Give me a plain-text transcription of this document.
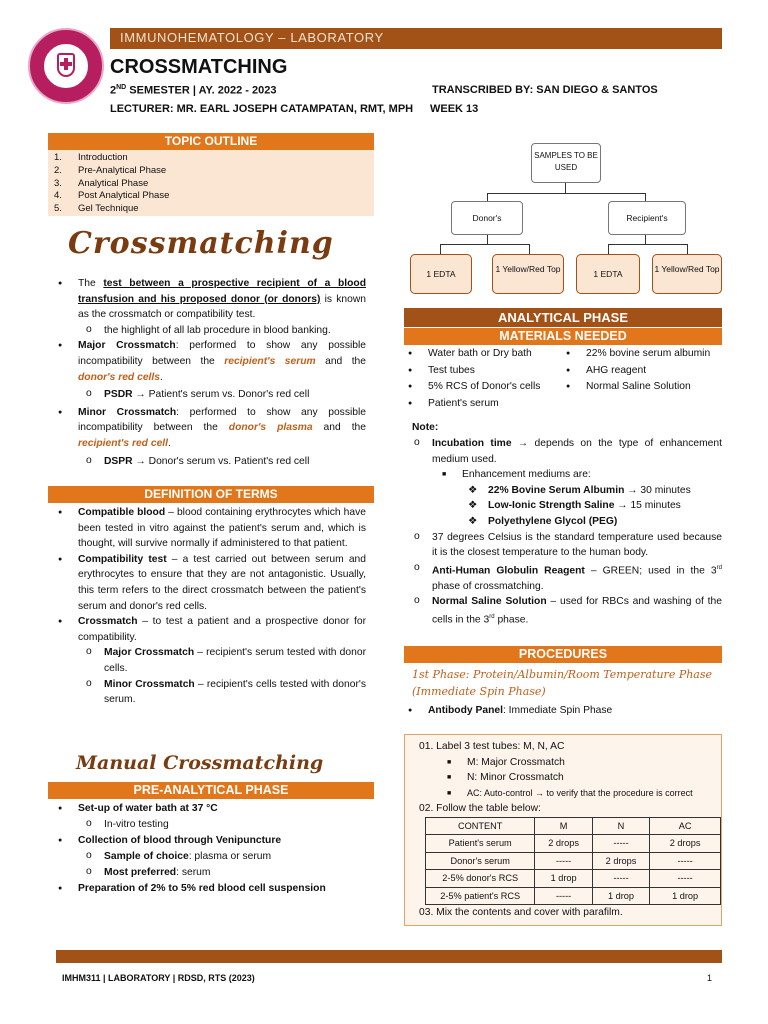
IMMUNOHEMATOLOGY – LABORATORY
CROSSMATCHING
2ND SEMESTER | AY. 2022 - 2023	TRANSCRIBED BY: SAN DIEGO & SANTOS
LECTURER: MR. EARL JOSEPH CATAMPATAN, RMT, MPH WEEK 13
TOPIC OUTLINE
1. Introduction
2. Pre-Analytical Phase
3. Analytical Phase
4. Post Analytical Phase
5. Gel Technique
Crossmatching
● The test between a prospective recipient of a blood transfusion and his proposed donor (or donors) is known as the crossmatch or compatibility test.
o the highlight of all lab procedure in blood banking.
● Major Crossmatch: performed to show any possible incompatibility between the recipient's serum and the donor's red cells.
o PSDR → Patient's serum vs. Donor's red cell
● Minor Crossmatch: performed to show any possible incompatibility between the donor's plasma and the recipient's red cell.
o DSPR → Donor's serum vs. Patient's red cell
DEFINITION OF TERMS
● Compatible blood – blood containing erythrocytes which have been tested in vitro against the patient's serum and, which is thought, will survive normally if administered to that patient.
● Compatibility test – a test carried out between serum and erythrocytes to ensure that they are not antagonistic. Usually, this term refers to the direct crossmatch between the patient's serum and donor's red cells.
● Crossmatch – to test a patient and a prospective donor for compatibility.
o Major Crossmatch – recipient's serum tested with donor cells.
o Minor Crossmatch – recipient's cells tested with donor's serum.
Manual Crossmatching
PRE-ANALYTICAL PHASE
● Set-up of water bath at 37 °C
o In-vitro testing
● Collection of blood through Venipuncture
o Sample of choice: plasma or serum
o Most preferred: serum
● Preparation of 2% to 5% red blood cell suspension
SAMPLES TO BE USED
Donor's	Recipient's
1 EDTA	1 Yellow/Red Top	1 EDTA	1 Yellow/Red Top
ANALYTICAL PHASE
MATERIALS NEEDED
● Water bath or Dry bath
● Test tubes
● 5% RCS of Donor's cells
● Patient's serum
● 22% bovine serum albumin
● AHG reagent
● Normal Saline Solution
Note:
o Incubation time → depends on the type of enhancement medium used.
■ Enhancement mediums are:
❖ 22% Bovine Serum Albumin → 30 minutes
❖ Low-Ionic Strength Saline → 15 minutes
❖ Polyethylene Glycol (PEG)
o 37 degrees Celsius is the standard temperature used because it is the closest temperature to the human body.
o Anti-Human Globulin Reagent – GREEN; used in the 3rd phase of crossmatching.
o Normal Saline Solution – used for RBCs and washing of the cells in the 3rd phase.
PROCEDURES
1st Phase: Protein/Albumin/Room Temperature Phase (Immediate Spin Phase)
● Antibody Panel: Immediate Spin Phase
01. Label 3 test tubes: M, N, AC
■ M: Major Crossmatch
■ N: Minor Crossmatch
■ AC: Auto-control → to verify that the procedure is correct
02. Follow the table below:
CONTENT	M	N	AC
Patient's serum	2 drops	-----	2 drops
Donor's serum	-----	2 drops	-----
2-5% donor's RCS	1 drop	-----	-----
2-5% patient's RCS	-----	1 drop	1 drop
03. Mix the contents and cover with parafilm.
IMHM311 | LABORATORY | RDSD, RTS (2023)	1
